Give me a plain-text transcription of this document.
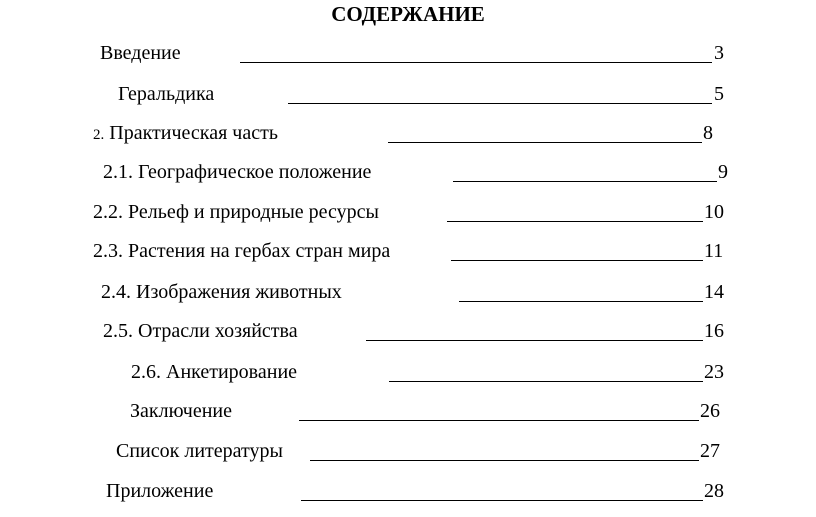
СОДЕРЖАНИЕ
Введение	3
Геральдика	5
2. Практическая часть	8
2.1. Географическое положение	9
2.2. Рельеф и природные ресурсы	10
2.3. Растения на гербах стран мира	11
2.4. Изображения животных	14
2.5. Отрасли хозяйства	16
2.6. Анкетирование	23
Заключение	26
Список литературы	27
Приложение	28
